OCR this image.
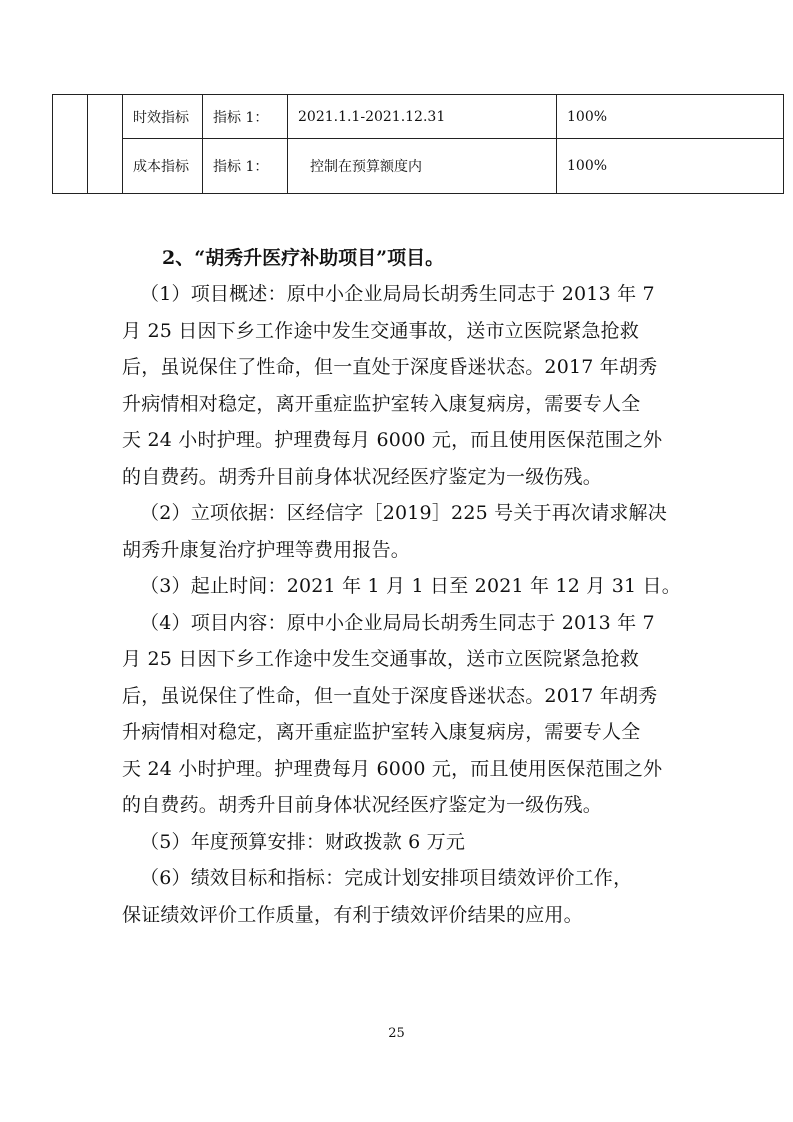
		时效指标	指标 1：	2021.1.1-2021.12.31	100%
		成本指标	指标 1：	控制在预算额度内	100%
2、“胡秀升医疗补助项目”项目。
（1）项目概述：原中小企业局局长胡秀生同志于 2013 年 7
月 25 日因下乡工作途中发生交通事故，送市立医院紧急抢救
后，虽说保住了性命，但一直处于深度昏迷状态。2017 年胡秀
升病情相对稳定，离开重症监护室转入康复病房，需要专人全
天 24 小时护理。护理费每月 6000 元，而且使用医保范围之外
的自费药。胡秀升目前身体状况经医疗鉴定为一级伤残。
（2）立项依据：区经信字［2019］225 号关于再次请求解决
胡秀升康复治疗护理等费用报告。
（3）起止时间：2021 年 1 月 1 日至 2021 年 12 月 31 日。
（4）项目内容：原中小企业局局长胡秀生同志于 2013 年 7
月 25 日因下乡工作途中发生交通事故，送市立医院紧急抢救
后，虽说保住了性命，但一直处于深度昏迷状态。2017 年胡秀
升病情相对稳定，离开重症监护室转入康复病房，需要专人全
天 24 小时护理。护理费每月 6000 元，而且使用医保范围之外
的自费药。胡秀升目前身体状况经医疗鉴定为一级伤残。
（5）年度预算安排：财政拨款 6 万元
（6）绩效目标和指标：完成计划安排项目绩效评价工作，
保证绩效评价工作质量，有利于绩效评价结果的应用。
25
